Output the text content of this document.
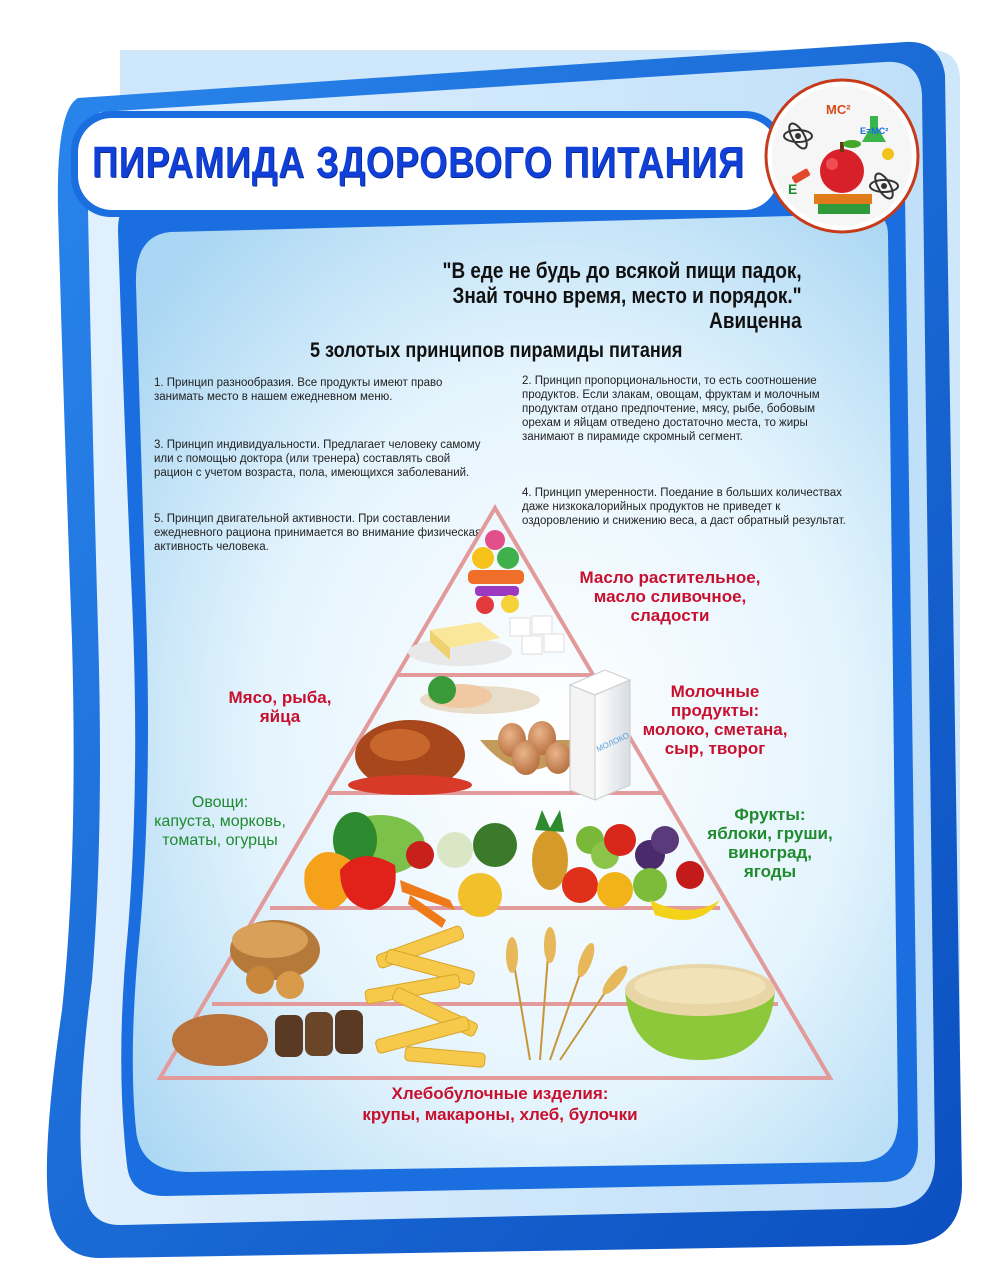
ПИРАМИДА ЗДОРОВОГО ПИТАНИЯ
MC²
E=MC²
E
"В еде не будь до всякой пищи падок,
Знай точно время, место и порядок."
Авиценна
5 золотых принципов пирамиды питания
1. Принцип разнообразия. Все продукты имеют право занимать место в нашем ежедневном меню.
2. Принцип пропорциональности, то есть соотношение продуктов. Если злакам, овощам, фруктам и молочным продуктам отдано предпочтение, мясу, рыбе, бобовым орехам и яйцам отведено достаточно места, то жиры занимают в пирамиде скромный сегмент.
3. Принцип индивидуальности. Предлагает человеку самому или с помощью доктора (или тренера) составлять свой рацион с учетом возраста, пола, имеющихся заболеваний.
4. Принцип умеренности. Поедание в больших количествах даже низкокалорийных продуктов не приведет к оздоровлению и снижению веса, а даст обратный результат.
5. Принцип двигательной активности. При составлении ежедневного рациона принимается во внимание физическая активность человека.
МОЛОКО
Масло растительное,
масло сливочное,
сладости
Мясо, рыба,
яйца
Молочные
продукты:
молоко, сметана,
сыр, творог
Овощи:
капуста, морковь,
томаты, огурцы
Фрукты:
яблоки, груши,
виноград,
ягоды
Хлебобулочные изделия:
крупы, макароны, хлеб, булочки
